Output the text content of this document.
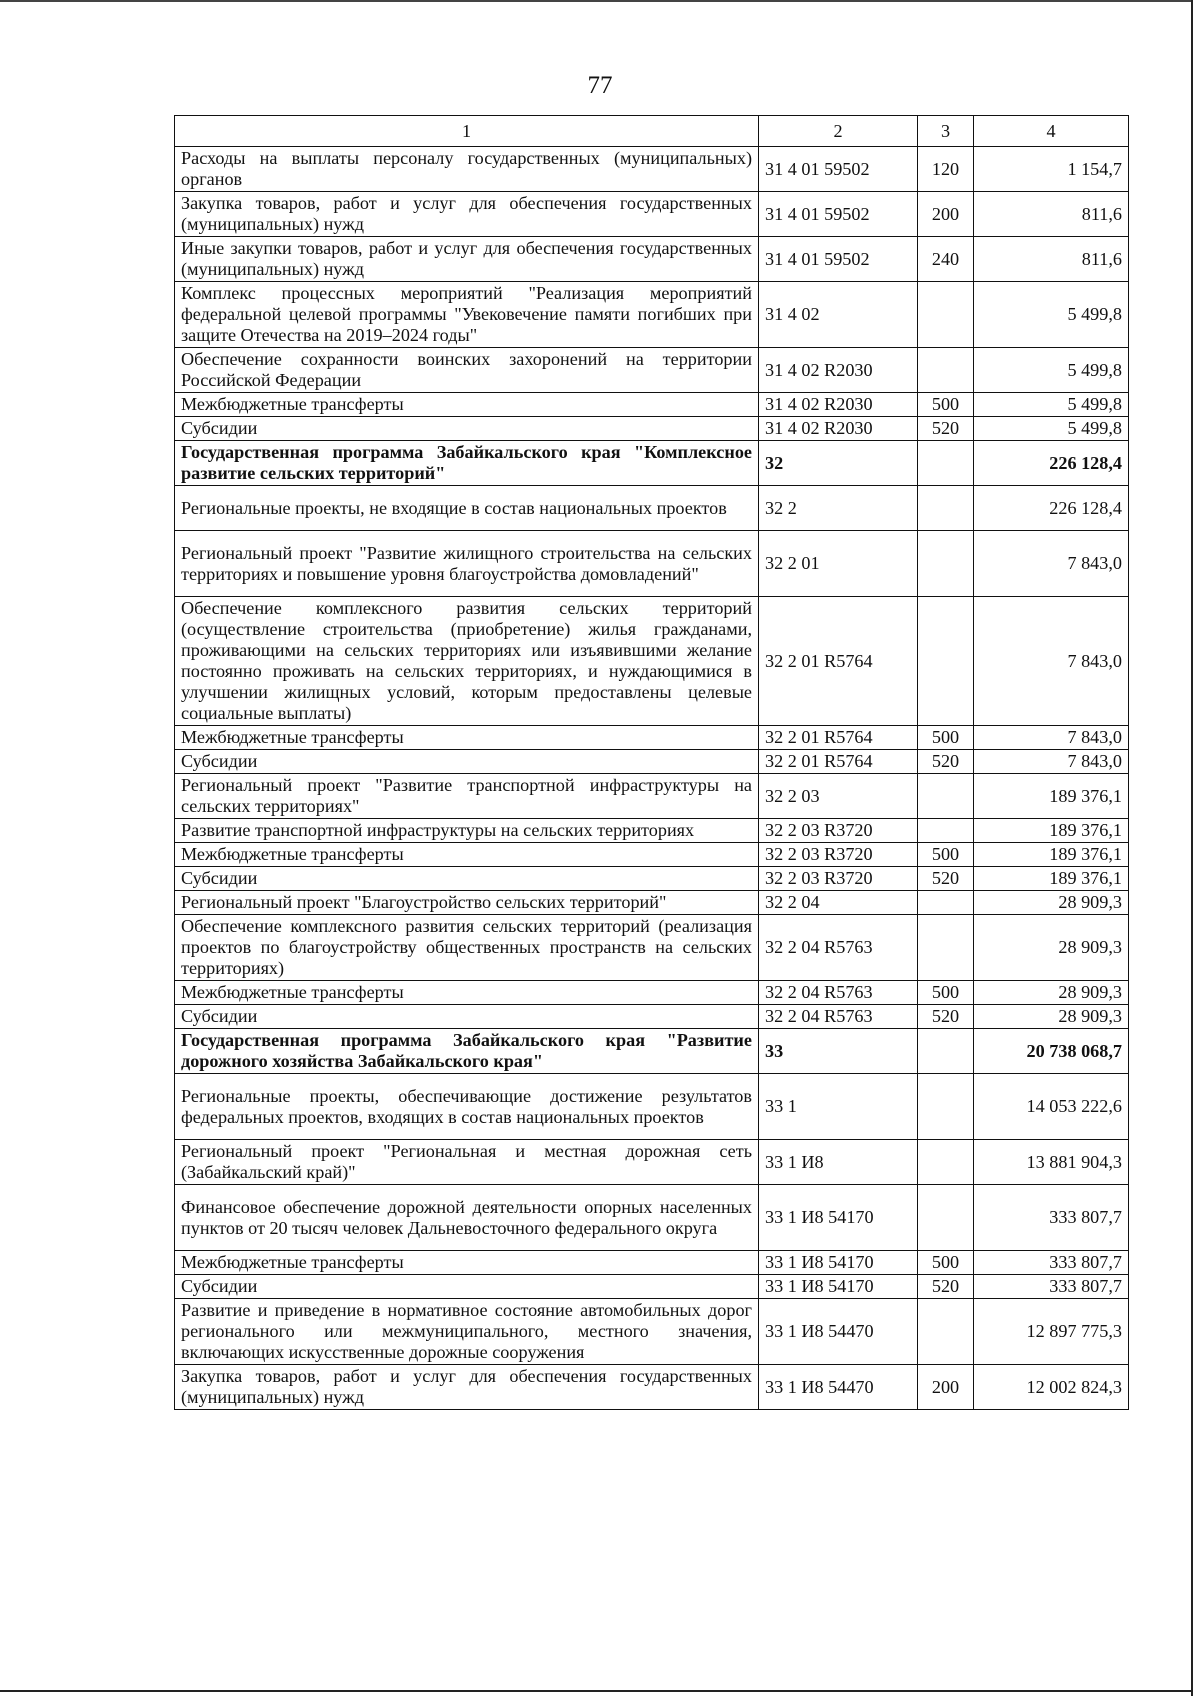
77
1	2	3	4
Расходы на выплаты персоналу государственных (муниципальных) органов	31 4 01 59502	120	1 154,7
Закупка товаров, работ и услуг для обеспечения государственных (муниципальных) нужд	31 4 01 59502	200	811,6
Иные закупки товаров, работ и услуг для обеспечения государственных (муниципальных) нужд	31 4 01 59502	240	811,6
Комплекс процессных мероприятий "Реализация мероприятий федеральной целевой программы "Увековечение памяти погибших при защите Отечества на 2019–2024 годы"	31 4 02		5 499,8
Обеспечение сохранности воинских захоронений на территории Российской Федерации	31 4 02 R2030		5 499,8
Межбюджетные трансферты	31 4 02 R2030	500	5 499,8
Субсидии	31 4 02 R2030	520	5 499,8
Государственная программа Забайкальского края "Комплексное развитие сельских территорий"	32		226 128,4
Региональные проекты, не входящие в состав национальных проектов	32 2		226 128,4
Региональный проект "Развитие жилищного строительства на сельских территориях и повышение уровня благоустройства домовладений"	32 2 01		7 843,0
Обеспечение комплексного развития сельских территорий (осуществление строительства (приобретение) жилья гражданами, проживающими на сельских территориях или изъявившими желание постоянно проживать на сельских территориях, и нуждающимися в улучшении жилищных условий, которым предоставлены целевые социальные выплаты)	32 2 01 R5764		7 843,0
Межбюджетные трансферты	32 2 01 R5764	500	7 843,0
Субсидии	32 2 01 R5764	520	7 843,0
Региональный проект "Развитие транспортной инфраструктуры на сельских территориях"	32 2 03		189 376,1
Развитие транспортной инфраструктуры на сельских территориях	32 2 03 R3720		189 376,1
Межбюджетные трансферты	32 2 03 R3720	500	189 376,1
Субсидии	32 2 03 R3720	520	189 376,1
Региональный проект "Благоустройство сельских территорий"	32 2 04		28 909,3
Обеспечение комплексного развития сельских территорий (реализация проектов по благоустройству общественных пространств на сельских территориях)	32 2 04 R5763		28 909,3
Межбюджетные трансферты	32 2 04 R5763	500	28 909,3
Субсидии	32 2 04 R5763	520	28 909,3
Государственная программа Забайкальского края "Развитие дорожного хозяйства Забайкальского края"	33		20 738 068,7
Региональные проекты, обеспечивающие достижение результатов федеральных проектов, входящих в состав национальных проектов	33 1		14 053 222,6
Региональный проект "Региональная и местная дорожная сеть (Забайкальский край)"	33 1 И8		13 881 904,3
Финансовое обеспечение дорожной деятельности опорных населенных пунктов от 20 тысяч человек Дальневосточного федерального округа	33 1 И8 54170		333 807,7
Межбюджетные трансферты	33 1 И8 54170	500	333 807,7
Субсидии	33 1 И8 54170	520	333 807,7
Развитие и приведение в нормативное состояние автомобильных дорог регионального или межмуниципального, местного значения, включающих искусственные дорожные сооружения	33 1 И8 54470		12 897 775,3
Закупка товаров, работ и услуг для обеспечения государственных (муниципальных) нужд	33 1 И8 54470	200	12 002 824,3
